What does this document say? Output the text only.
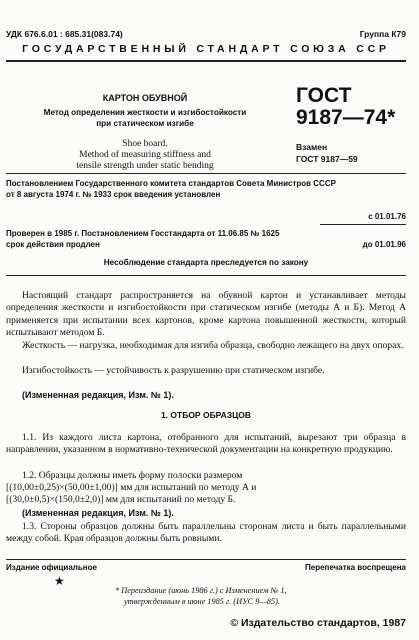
УДК 676.6.01 : 685.31(083.74)	Группа К79
ГОСУДАРСТВЕННЫЙ СТАНДАРТ СОЮЗА ССР
КАРТОН ОБУВНОЙ
Метод определения жесткости и изгибостойкости
при статическом изгибе
Shoe board.
Method of measuring stiffness and
tensile strength under static bending
ГОСТ
9187—74*
Взамен
ГОСТ 9187—59
Постановлением Государственного комитета стандартов Совета Министров СССР
от 8 августа 1974 г. № 1933 срок введения установлен
с 01.01.76
Проверен в 1985 г. Постановлением Госстандарта от 11.06.85 № 1625
срок действия продлен	до 01.01.96
Несоблюдение стандарта преследуется по закону

Настоящий стандарт распространяется на обувной картон и устанавливает методы определения жесткости и изгибостойкости при статическом изгибе (методы А и Б). Метод А применяется при испытании всех картонов, кроме картона повышенной жесткости, который испытывают методом Б.

Жесткость — нагрузка, необходимая для изгиба образца, свободно лежащего на двух опорах.

Изгибостойкость — устойчивость к разрушению при статическом изгибе.

(Измененная редакция, Изм. № 1).
1. ОТБОР ОБРАЗЦОВ

1.1. Из каждого листа картона, отобранного для испытаний, вырезают три образца в направлении, указанном в нормативно-технической документации на конкретную продукцию.

1.2. Образцы должны иметь форму полоски размером

[(10,00±0,25)×(50,00±1,00)] мм для испытаний по методу А и
[(30,0±0,5)×(150,0±2,0)] мм для испытаний по методу Б.
(Измененная редакция, Изм. № 1).

1.3. Стороны образцов должны быть параллельны сторонам листа и быть параллельными между собой. Края образцов должны быть ровными.

Издание официальное	Перепечатка воспрещена
★
* Переиздание (июнь 1986 г.) с Изменением № 1,
утвержденным в июне 1985 г. (ИУС 9—85).
© Издательство стандартов, 1987
